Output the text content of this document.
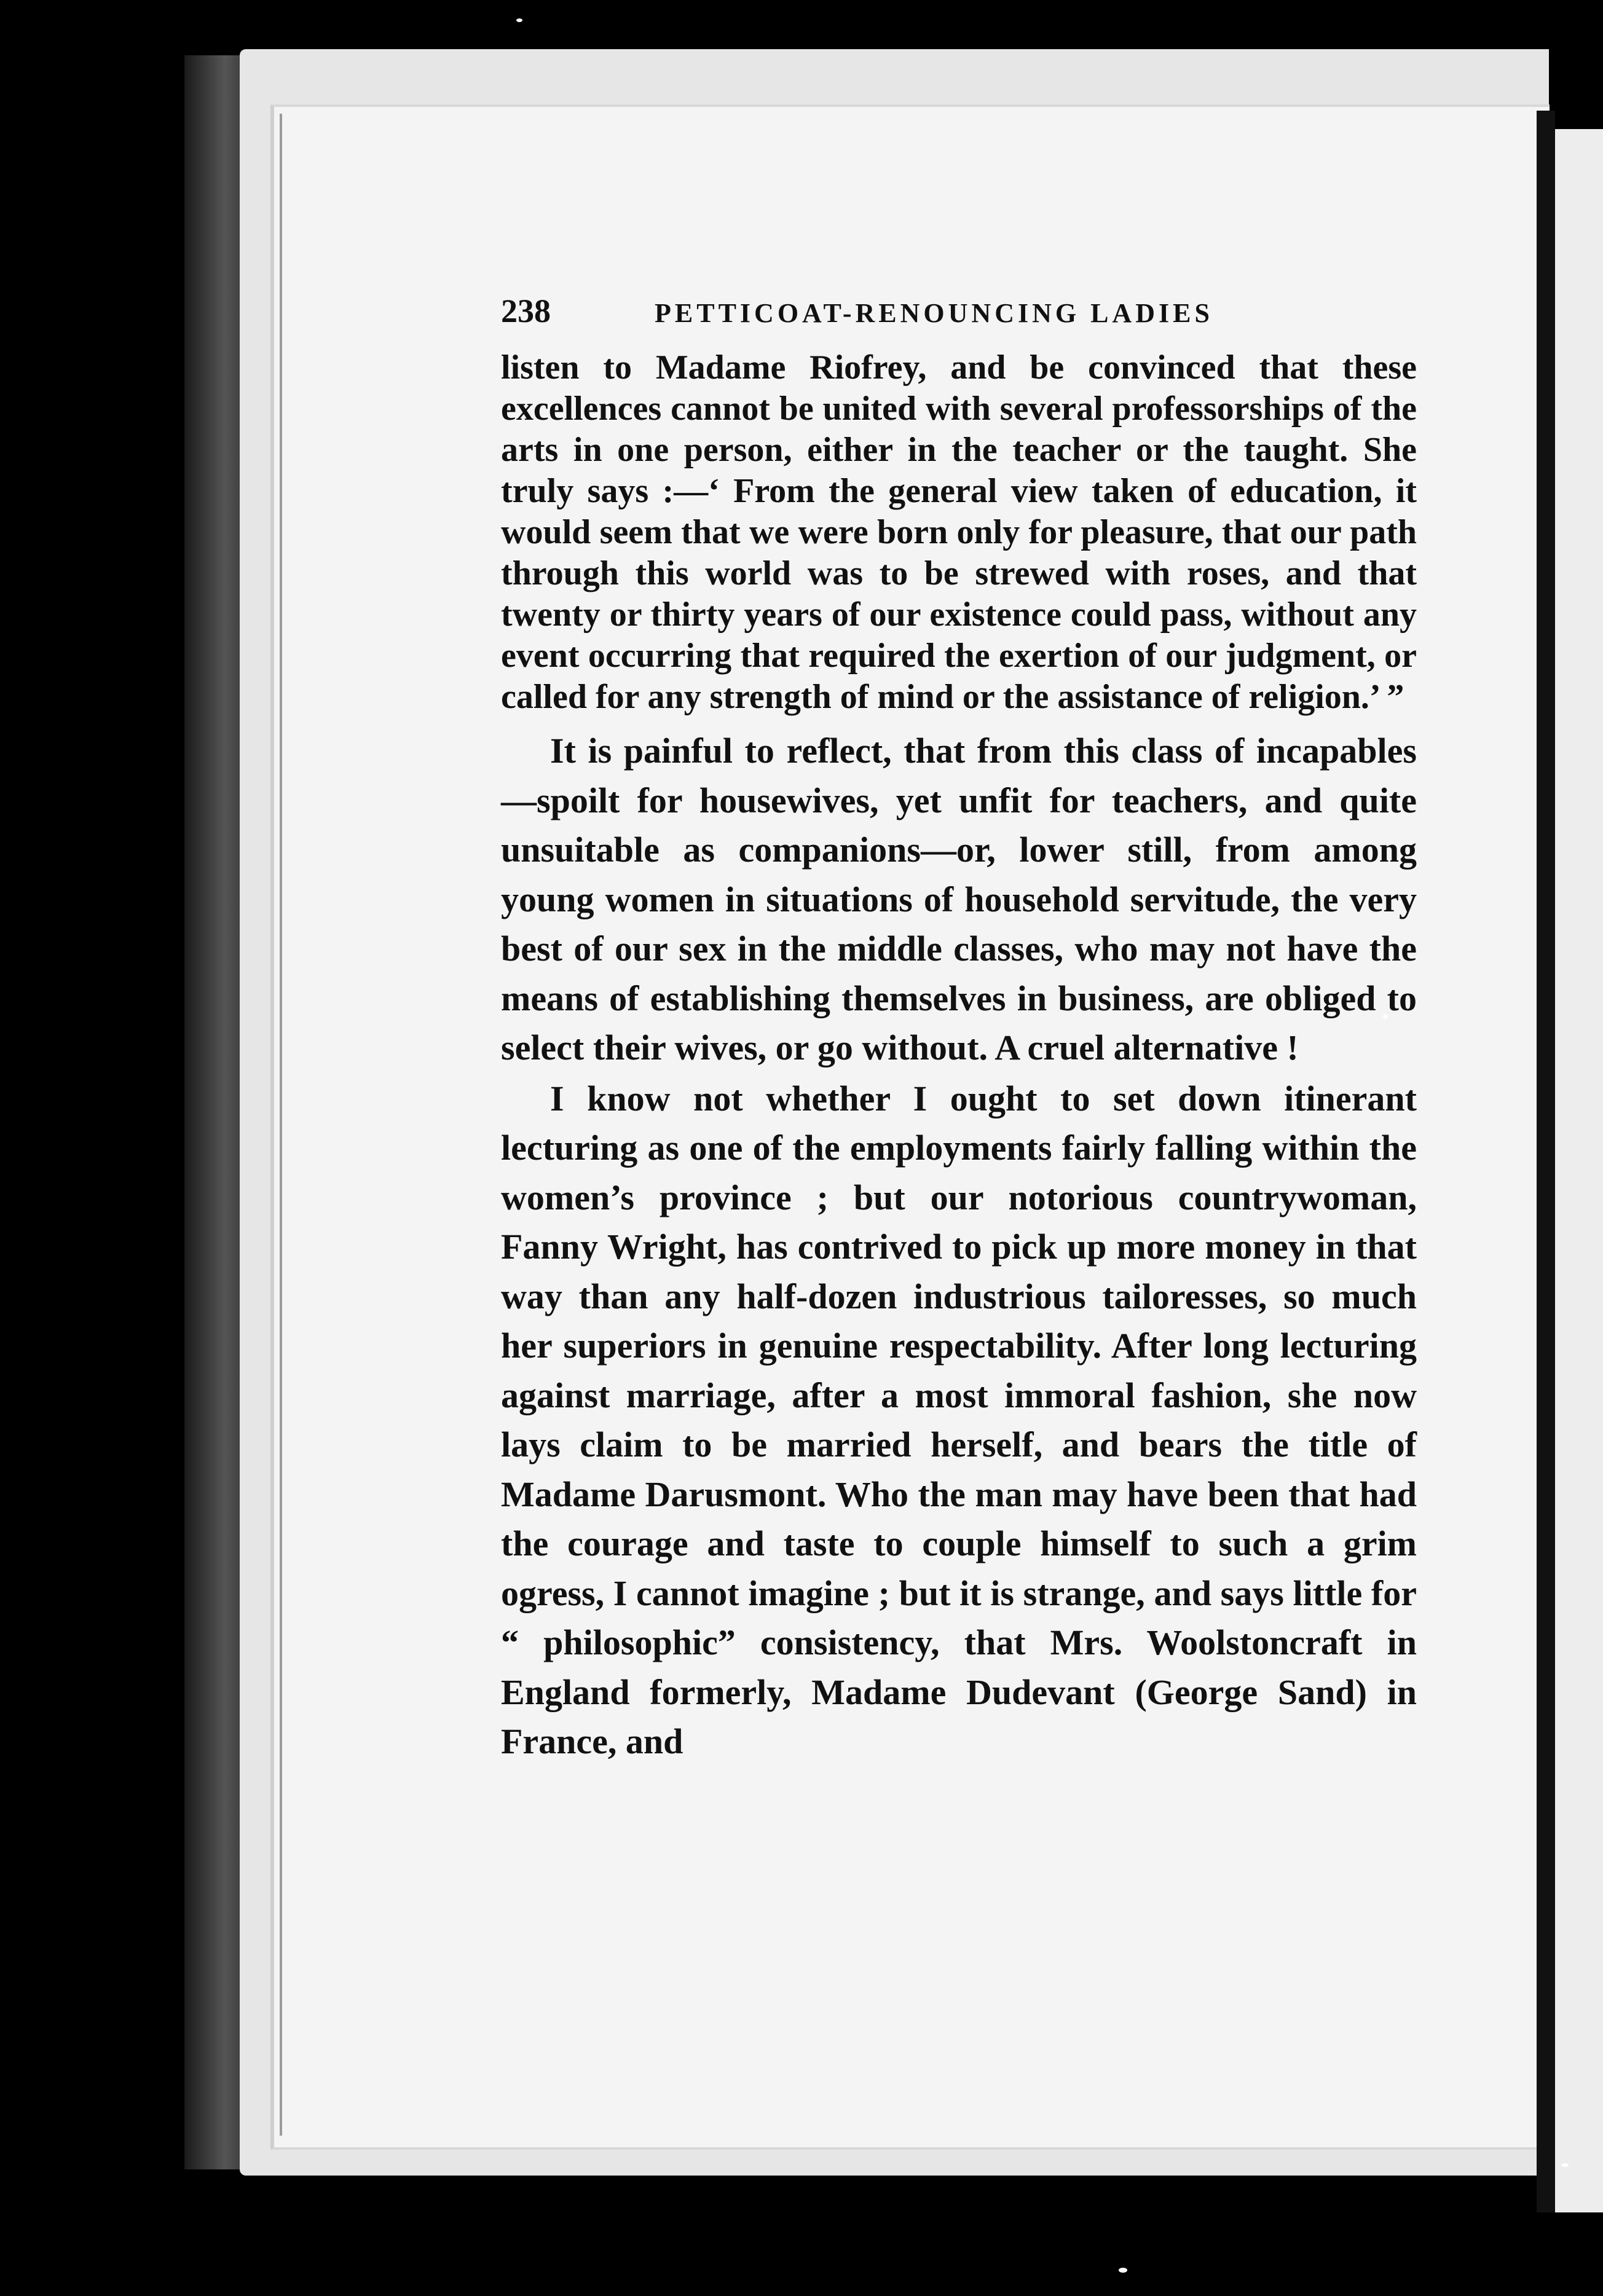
238	PETTICOAT-RENOUNCING LADIES

listen to Madame Riofrey, and be convinced that these excellences cannot be united with several professorships of the arts in one person, either in the teacher or the taught. She truly says :—‘ From the general view taken of education, it would seem that we were born only for pleasure, that our path through this world was to be strewed with roses, and that twenty or thirty years of our existence could pass, without any event occurring that required the exertion of our judgment, or called for any strength of mind or the assistance of religion.’ ”

It is painful to reflect, that from this class of incapables—spoilt for housewives, yet unfit for teachers, and quite unsuitable as companions—or, lower still, from among young women in situations of household servitude, the very best of our sex in the middle classes, who may not have the means of establishing themselves in business, are obliged to select their wives, or go without. A cruel alternative !

I know not whether I ought to set down itinerant lecturing as one of the employments fairly falling within the women’s province ; but our notorious countrywoman, Fanny Wright, has contrived to pick up more money in that way than any half-dozen industrious tailoresses, so much her superiors in genuine respectability. After long lecturing against marriage, after a most immoral fashion, she now lays claim to be married herself, and bears the title of Madame Darusmont. Who the man may have been that had the courage and taste to couple himself to such a grim ogress, I cannot imagine ; but it is strange, and says little for “ philosophic” consistency, that Mrs. Woolstoncraft in England formerly, Madame Dudevant (George Sand) in France, and
